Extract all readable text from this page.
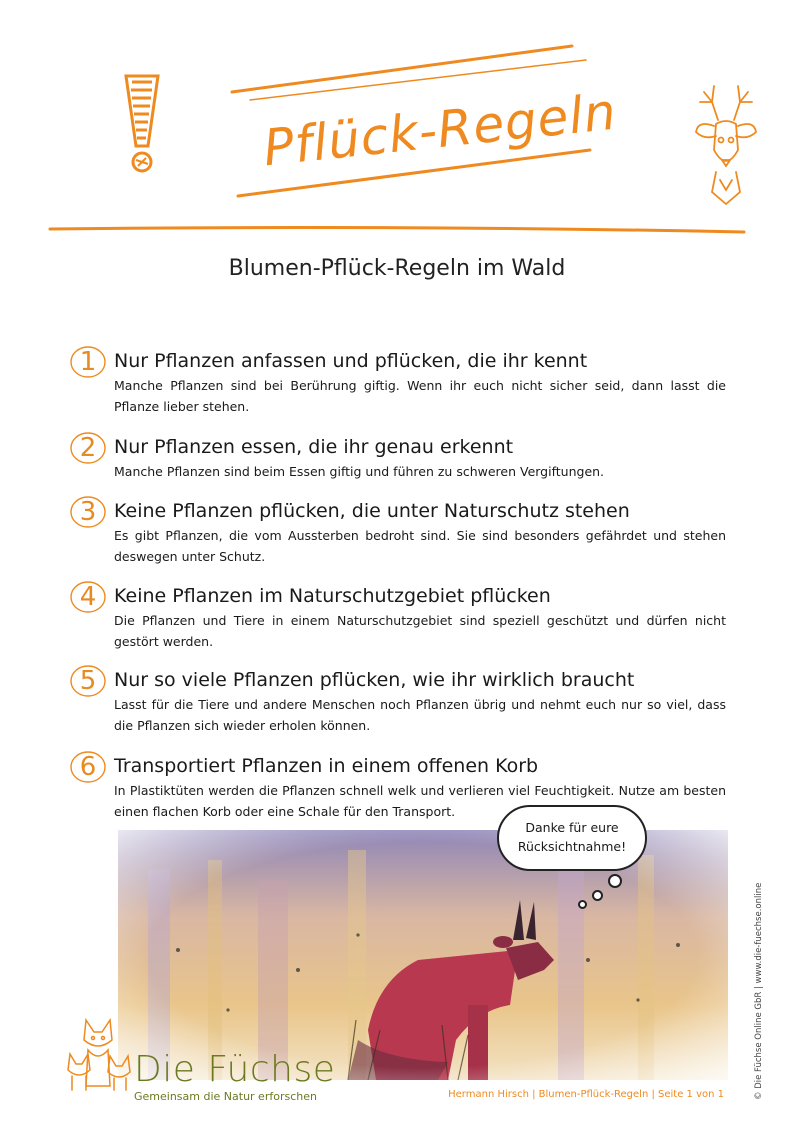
Pflück-Regeln
Blumen-Pflück-Regeln im Wald
1 Nur Pflanzen anfassen und pflücken, die ihr kennt
Manche Pflanzen sind bei Berührung giftig. Wenn ihr euch nicht sicher seid, dann lasst die Pflanze lieber stehen.
2 Nur Pflanzen essen, die ihr genau erkennt
Manche Pflanzen sind beim Essen giftig und führen zu schweren Vergiftungen.
3 Keine Pflanzen pflücken, die unter Naturschutz stehen
Es gibt Pflanzen, die vom Aussterben bedroht sind. Sie sind besonders gefährdet und stehen deswegen unter Schutz.
4 Keine Pflanzen im Naturschutzgebiet pflücken
Die Pflanzen und Tiere in einem Naturschutzgebiet sind speziell geschützt und dürfen nicht gestört werden.
5 Nur so viele Pflanzen pflücken, wie ihr wirklich braucht
Lasst für die Tiere und andere Menschen noch Pflanzen übrig und nehmt euch nur so viel, dass die Pflanzen sich wieder erholen können.
6 Transportiert Pflanzen in einem offenen Korb
In Plastiktüten werden die Pflanzen schnell welk und verlieren viel Feuchtigkeit. Nutze am besten einen flachen Korb oder eine Schale für den Transport.
Danke für eure
Rücksichtnahme!
Die Füchse
Gemeinsam die Natur erforschen	Hermann Hirsch | Blumen-Pflück-Regeln | Seite 1 von 1	© Die Füchse Online GbR | www.die-fuechse.online
